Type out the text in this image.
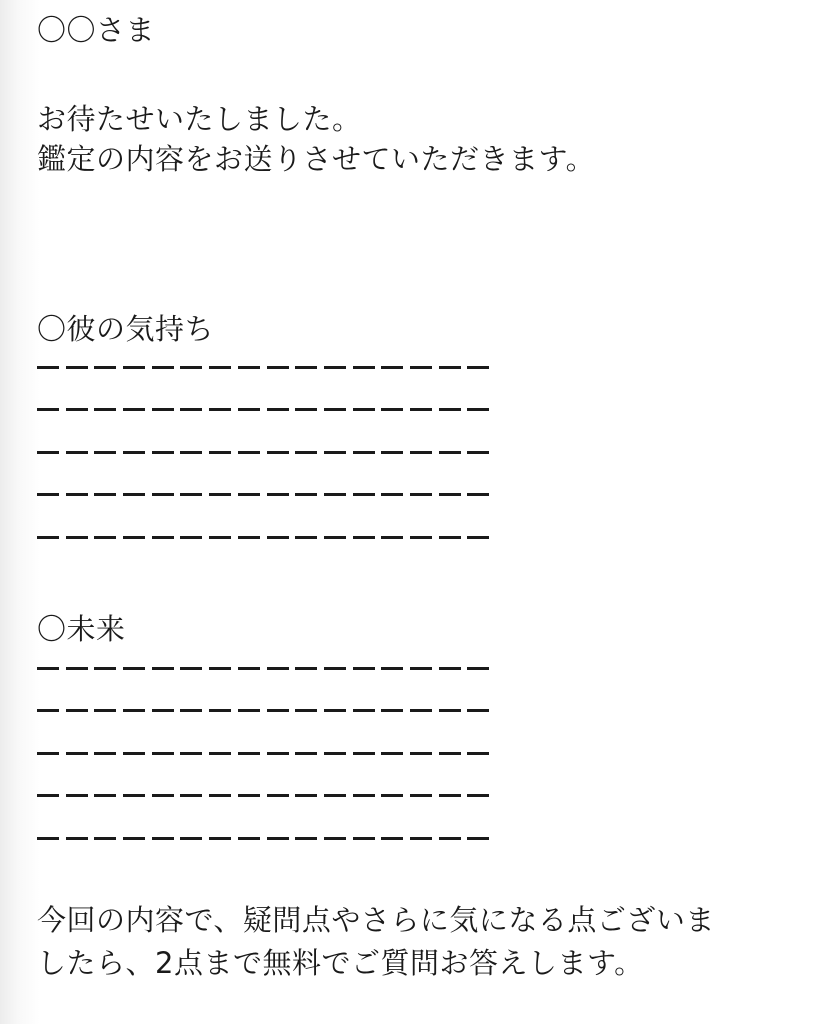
〇〇さま
お待たせいたしました。
鑑定の内容をお送りさせていただきます。
〇彼の気持ち
〇未来
今回の内容で、疑問点やさらに気になる点ございま
したら、2点まで無料でご質問お答えします。
